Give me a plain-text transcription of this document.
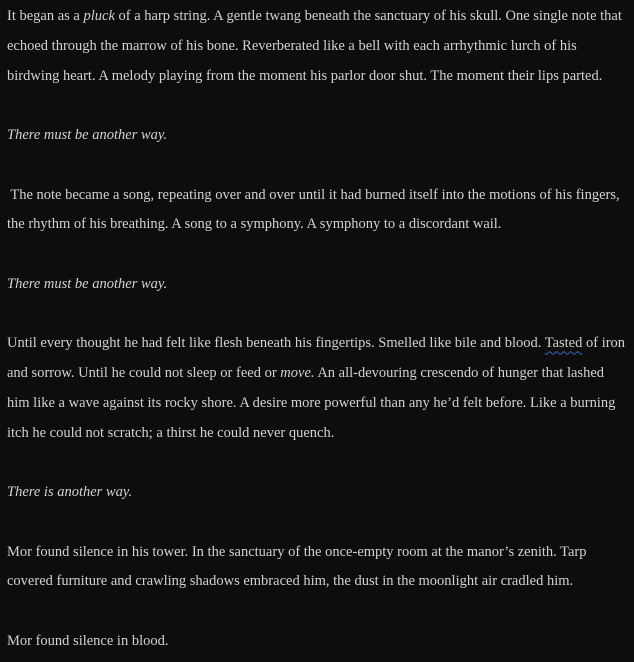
It began as a pluck of a harp string. A gentle twang beneath the sanctuary of his skull. One single note that
echoed through the marrow of his bone. Reverberated like a bell with each arrhythmic lurch of his
birdwing heart. A melody playing from the moment his parlor door shut. The moment their lips parted.

There must be another way.

The note became a song, repeating over and over until it had burned itself into the motions of his fingers,
the rhythm of his breathing. A song to a symphony. A symphony to a discordant wail.

There must be another way.

Until every thought he had felt like flesh beneath his fingertips. Smelled like bile and blood. Tasted of iron
and sorrow. Until he could not sleep or feed or move. An all-devouring crescendo of hunger that lashed
him like a wave against its rocky shore. A desire more powerful than any he’d felt before. Like a burning
itch he could not scratch; a thirst he could never quench.

There is another way.

Mor found silence in his tower. In the sanctuary of the once-empty room at the manor’s zenith. Tarp
covered furniture and crawling shadows embraced him, the dust in the moonlight air cradled him.

Mor found silence in blood.
